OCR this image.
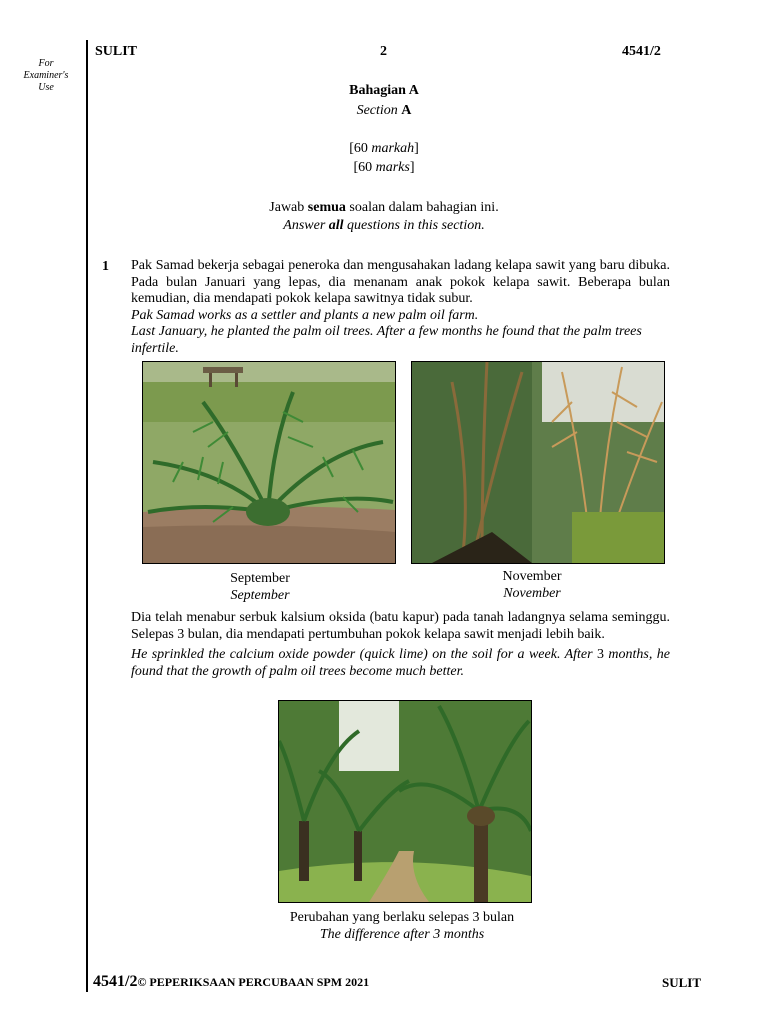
For
Examiner's
Use
SULIT	2	4541/2
Bahagian A
Section A
[60 markah]
[60 marks]
Jawab semua soalan dalam bahagian ini.
Answer all questions in this section.
1 Pak Samad bekerja sebagai peneroka dan mengusahakan ladang kelapa sawit yang baru dibuka. Pada bulan Januari yang lepas, dia menanam anak pokok kelapa sawit. Beberapa bulan kemudian, dia mendapati pokok kelapa sawitnya tidak subur.

Pak Samad works as a settler and plants a new palm oil farm.

Last January, he planted the palm oil trees. After a few months he found that the palm trees infertile.

September
September
November
November

Dia telah menabur serbuk kalsium oksida (batu kapur) pada tanah ladangnya selama seminggu. Selepas 3 bulan, dia mendapati pertumbuhan pokok kelapa sawit menjadi lebih baik.

He sprinkled the calcium oxide powder (quick lime) on the soil for a week. After 3 months, he found that the growth of palm oil trees become much better.

Perubahan yang berlaku selepas 3 bulan
The difference after 3 months
4541/2© PEPERIKSAAN PERCUBAAN SPM 2021	SULIT
